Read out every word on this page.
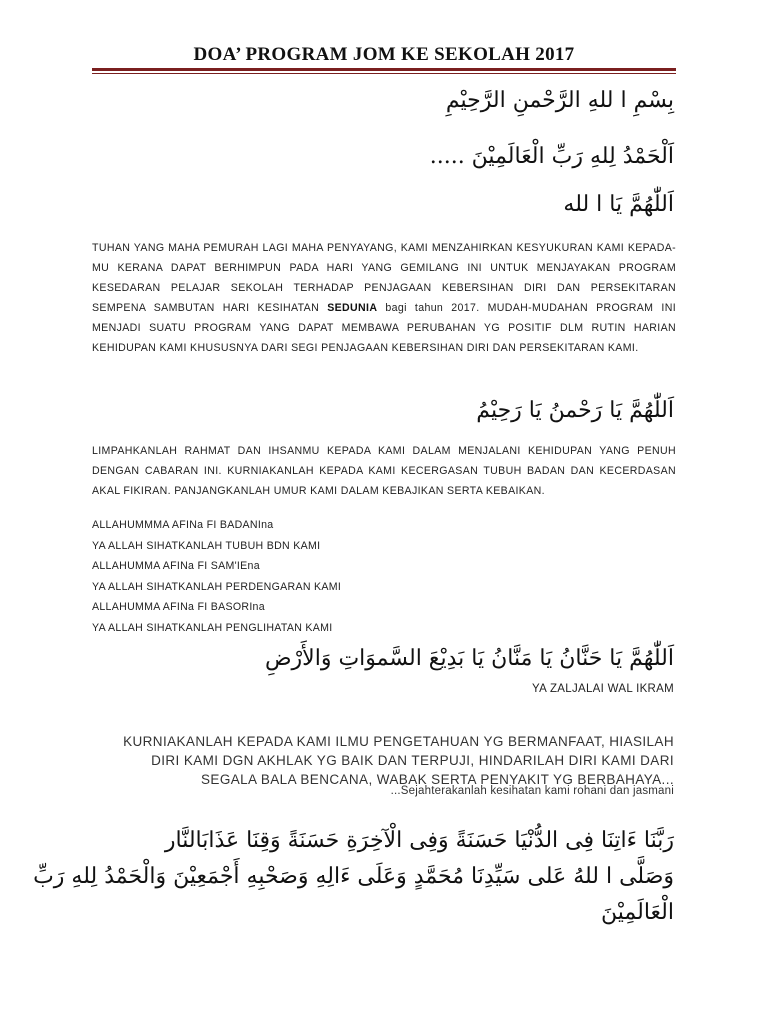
DOA’ PROGRAM JOM KE SEKOLAH 2017
بِسْمِ ا للهِ الرَّحْمنِ الرَّحِيْمِ
اَلْحَمْدُ لِلهِ رَبِّ الْعَالَمِيْنَ .....
اَللّٰهُمَّ يَا ا لله
TUHAN YANG MAHA PEMURAH LAGI MAHA PENYAYANG, KAMI MENZAHIRKAN KESYUKURAN KAMI KEPADA-MU KERANA DAPAT BERHIMPUN PADA HARI YANG GEMILANG INI UNTUK MENJAYAKAN PROGRAM KESEDARAN PELAJAR SEKOLAH TERHADAP PENJAGAAN KEBERSIHAN DIRI DAN PERSEKITARAN SEMPENA SAMBUTAN HARI KESIHATAN SEDUNIA bagi tahun 2017. MUDAH-MUDAHAN PROGRAM INI MENJADI SUATU PROGRAM YANG DAPAT MEMBAWA PERUBAHAN YG POSITIF DLM RUTIN HARIAN KEHIDUPAN KAMI KHUSUSNYA DARI SEGI PENJAGAAN KEBERSIHAN DIRI DAN PERSEKITARAN KAMI.
اَللّٰهُمَّ يَا رَحْمنُ يَا رَحِيْمُ
LIMPAHKANLAH RAHMAT DAN IHSANMU KEPADA KAMI DALAM MENJALANI KEHIDUPAN YANG PENUH DENGAN CABARAN INI. KURNIAKANLAH KEPADA KAMI KECERGASAN TUBUH BADAN DAN KECERDASAN AKAL FIKIRAN. PANJANGKANLAH UMUR KAMI DALAM KEBAJIKAN SERTA KEBAIKAN.
ALLAHUMMMA AFINa FI BADANIna
YA ALLAH SIHATKANLAH TUBUH BDN KAMI
ALLAHUMMA AFINa FI SAM'IEna
YA ALLAH SIHATKANLAH PERDENGARAN KAMI
ALLAHUMMA AFINa FI BASORIna
YA ALLAH SIHATKANLAH PENGLIHATAN KAMI
اَللّٰهُمَّ يَا حَنَّانُ يَا مَنَّانُ يَا بَدِيْعَ السَّموَاتِ وَالأَرْضِ
YA ZALJALAI WAL IKRAM
KURNIAKANLAH KEPADA KAMI ILMU PENGETAHUAN YG BERMANFAAT, HIASILAH
DIRI KAMI DGN AKHLAK YG BAIK DAN TERPUJI, HINDARILAH DIRI KAMI DARI
SEGALA BALA BENCANA, WABAK SERTA PENYAKIT YG BERBAHAYA...
...Sejahterakanlah kesihatan kami rohani dan jasmani
رَبَّنَا ءَاتِنَا فِى الدُّنْيَا حَسَنَةً وَفِى الْآخِرَةِ حَسَنَةً وَقِنَا عَذَابَالنَّار
وَصَلَّى ا للهُ عَلى سَيِّدِنَا مُحَمَّدٍ وَعَلَى ءَالِهِ وَصَحْبِهِ أَجْمَعِيْنَ وَالْحَمْدُ لِلهِ رَبِّ
الْعَالَمِيْنَ
